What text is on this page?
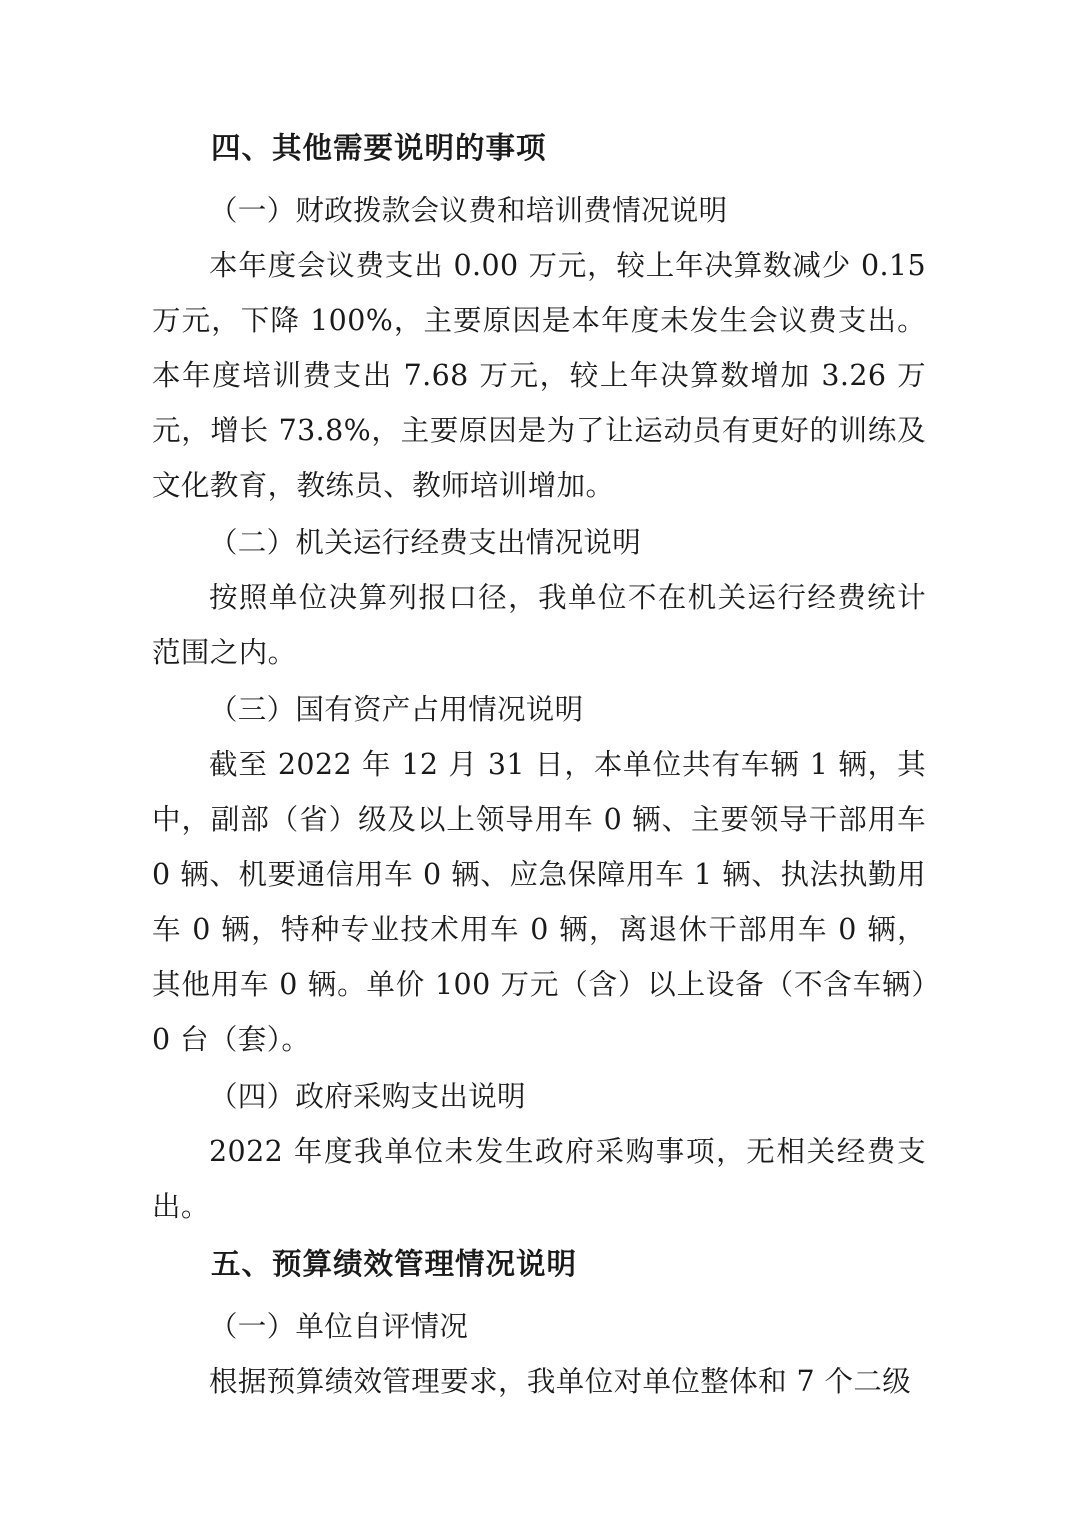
四、其他需要说明的事项

（一）财政拨款会议费和培训费情况说明

本年度会议费支出 0.00 万元，较上年决算数减少 0.15 万元，下降 100%，主要原因是本年度未发生会议费支出。本年度培训费支出 7.68 万元，较上年决算数增加 3.26 万元，增长 73.8%，主要原因是为了让运动员有更好的训练及文化教育，教练员、教师培训增加。

（二）机关运行经费支出情况说明

按照单位决算列报口径，我单位不在机关运行经费统计范围之内。

（三）国有资产占用情况说明

截至 2022 年 12 月 31 日，本单位共有车辆 1 辆，其中，副部（省）级及以上领导用车 0 辆、主要领导干部用车 0 辆、机要通信用车 0 辆、应急保障用车 1 辆、执法执勤用车 0 辆，特种专业技术用车 0 辆，离退休干部用车 0 辆，其他用车 0 辆。单价 100 万元（含）以上设备（不含车辆）0 台（套）。

（四）政府采购支出说明

2022 年度我单位未发生政府采购事项，无相关经费支出。

五、预算绩效管理情况说明

（一）单位自评情况

根据预算绩效管理要求，我单位对单位整体和 7 个二级
